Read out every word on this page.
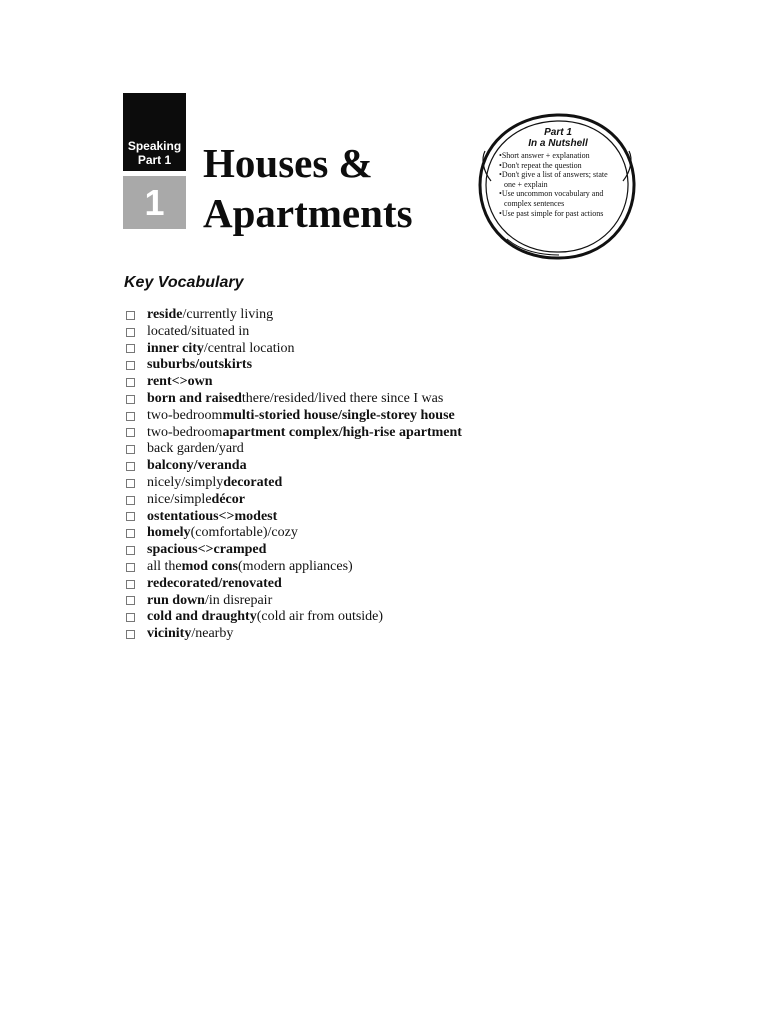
Speaking
Part 1
1
Houses &
Apartments
Part 1
In a Nutshell
• Short answer + explanation
• Don't repeat the question
• Don't give a list of answers; state one + explain
• Use uncommon vocabulary and complex sentences
• Use past simple for past actions
Key Vocabulary
reside /currently living
located/situated in
inner city /central location
suburbs/outskirts
rent<>own
born and raised there/resided/lived there since I was
two-bedroom multi-storied house/single-storey house
two-bedroom apartment complex/high-rise apartment
back garden/yard
balcony/veranda
nicely/simply decorated
nice/simple décor
ostentatious<>modest
homely (comfortable)/cozy
spacious<>cramped
all the mod cons (modern appliances)
redecorated/renovated
run down /in disrepair
cold and draughty (cold air from outside)
vicinity /nearby
